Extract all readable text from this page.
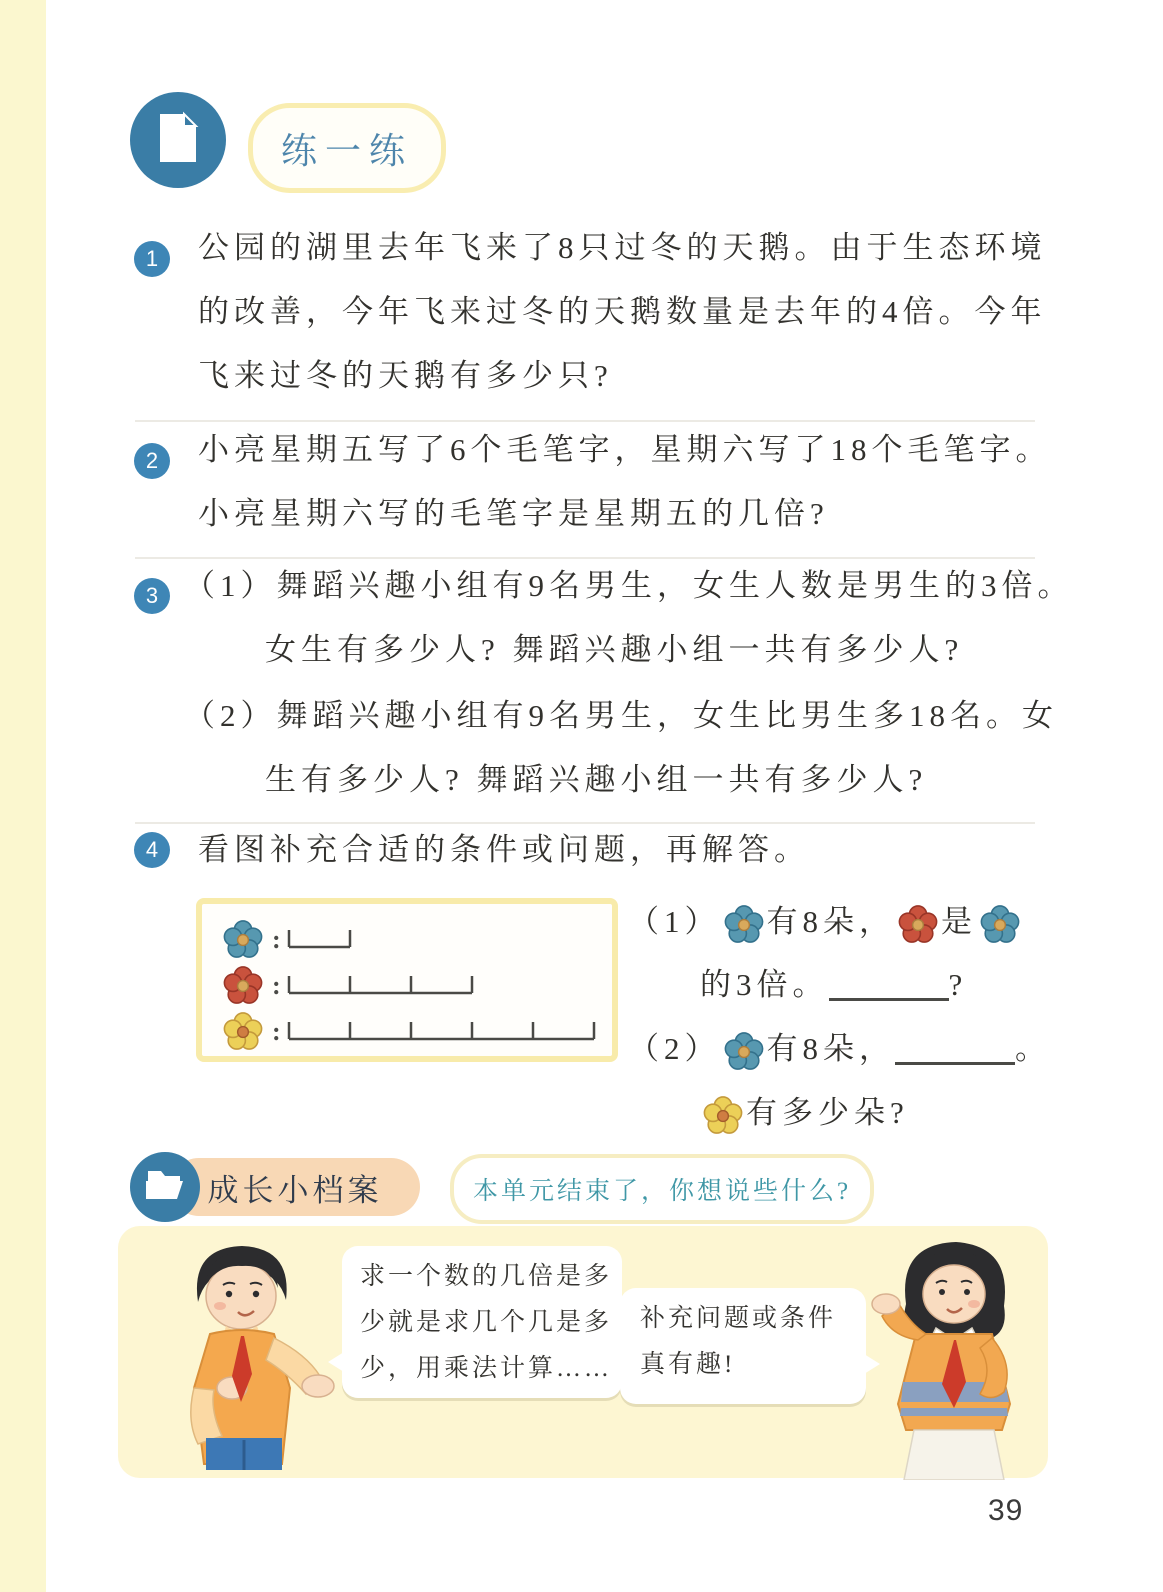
练一练
1 公园的湖里去年飞来了8只过冬的天鹅。由于生态环境
的改善，今年飞来过冬的天鹅数量是去年的4倍。今年
飞来过冬的天鹅有多少只?
2 小亮星期五写了6个毛笔字，星期六写了18个毛笔字。
小亮星期六写的毛笔字是星期五的几倍?
3 （1）舞蹈兴趣小组有9名男生，女生人数是男生的3倍。
女生有多少人? 舞蹈兴趣小组一共有多少人?
（2）舞蹈兴趣小组有9名男生，女生比男生多18名。女
生有多少人? 舞蹈兴趣小组一共有多少人?
4 看图补充合适的条件或问题，再解答。
:
:
:
（1） 有8朵， 是
的3倍。	?
（2） 有8朵，	。
有多少朵?
成长小档案	本单元结束了，你想说些什么?
求一个数的几倍是多
少就是求几个几是多
少，用乘法计算……
补充问题或条件
真有趣!
39
